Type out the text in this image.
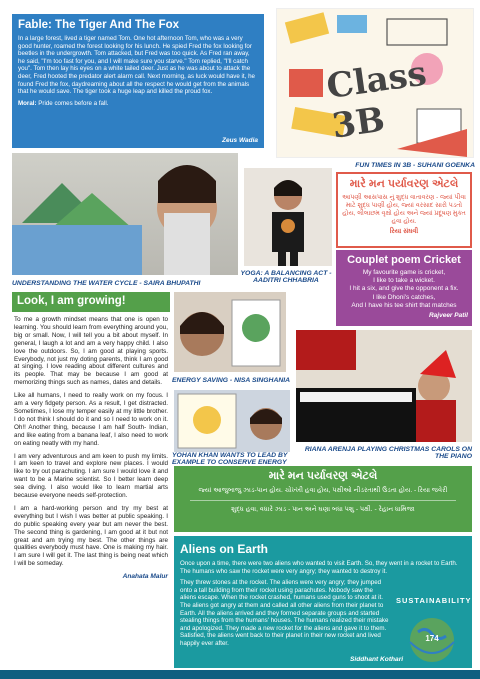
Fable: The Tiger And The Fox

In a large forest, lived a tiger named Tom. One hot afternoon Tom, who was a very good hunter, roamed the forest looking for his lunch. He spied Fred the fox looking for beetles in the undergrowth. Tom attacked, but Fred was too quick. As Fred ran away, he said, "I'm too fast for you, and I will make sure you starve." Tom replied, "I'll catch you". Tom then lay his eyes on a white tailed deer. Just as he was about to attack the deer, Fred hooted the predator alert alarm call. Next morning, as luck would have it, he found Fred the fox, daydreaming about all the respect he would get from the animals that he would save. The tiger took a huge leap and killed the proud fox.

Moral: Pride comes before a fall.

Zeus Wadia
Class 3B
FUN TIMES IN 3B - SUHANI GOENKA
UNDERSTANDING THE WATER CYCLE - SAIRA BHUPATHI
YOGA: A BALANCING ACT - AADITRI CHHABRIA
મારે મન પર્યાવરણ એટલે
આપણી આસપાસ નું શુદ્ધ વાતાવરણ - જ્યાં પીવા માટે શુદ્ધ પાણી હોય, જ્યાં વરસાદ સારો પડતો હોય, લીલાછમ વૃક્ષો હોય અને જ્યાં પ્રદૂષણ મુક્ત હવા હોય.
રિયા સંઘવી
Couplet poem Cricket
My favourite game is cricket,
I like to take a wicket.
I hit a six, and give the opponent a fix.
I like Dhoni's catches,
And I have his tee shirt that matches
Rajveer Patil
Look, I am growing!

To me a growth mindset means that one is open to learning. You should learn from everything around you, big or small. Now, I will tell you a bit about myself. In general, I laugh a lot and am a very happy child. I also love the outdoors. So, I am good at playing sports. Everybody, not just my doting parents, think I am good at singing. I love reading about different cultures and its people. That may be because I am good at memorizing things such as names, dates and details.

Like all humans, I need to really work on my focus. I am a very fidgety person. As a result, I get distracted. Sometimes, I lose my temper easily at my little brother. I do not think I should do it and so I need to work on it. Oh!! Another thing, because I am half South- Indian, and like eating from a banana leaf, I also need to work on eating neatly with my hand.

I am very adventurous and am keen to push my limits. I am keen to travel and explore new places. I would like to try out parachuting. I am sure I would love it and want to be a Marine scientist. So I better learn deep sea diving. I also would like to learn martial arts because everyone needs self-protection.

I am a hard-working person and try my best at everything but I wish I was better at public speaking. I do public speaking every year but am never the best. The second thing is gardening, I am good at it but not great and am trying my best. The other things are qualities everybody must have. One is making my hair. I am sure I will get it. The last thing is being neat which I will be someday.

Anahata Malur
ENERGY SAVING - NISA SINGHANIA
YOHAN KHAN WANTS TO LEAD BY EXAMPLE TO CONSERVE ENERGY
RIANA ARENJA PLAYING CHRISTMAS CAROLS ON THE PIANO
મારે મન પર્યાવરણ એટલે
જ્યાં આજુબાજુ ઝાડ-પાન હોય. ચોખ્ખી હવા હોય, પક્ષીઓ નીડરતાથી ઉડતા હોય. - રિયા જવેરી
શુદ્ધ હવા, વધારે ઝાડ - પાન અને ઘણા બધા પશુ - પક્ષી. - રેહાન ધામિજા
Aliens on Earth

Once upon a time, there were two aliens who wanted to visit Earth. So, they went in a rocket to Earth. The humans who saw the rocket were very angry; they wanted to destroy it.

They threw stones at the rocket. The aliens were very angry; they jumped onto a tall building from their rocket using parachutes. Nobody saw the aliens escape. When the rocket crashed, humans used guns to shoot at it. The aliens got angry at them and called all other aliens from their planet to Earth. All the aliens arrived and they formed separate groups and started stealing things from the humans' houses. The humans realized their mistake and apologized. They made a new rocket for the aliens and gave it to them. Satisfied, the aliens went back to their planet in their new rocket and lived happily ever after.

Siddhant Kothari
SUSTAINABILITY
174
